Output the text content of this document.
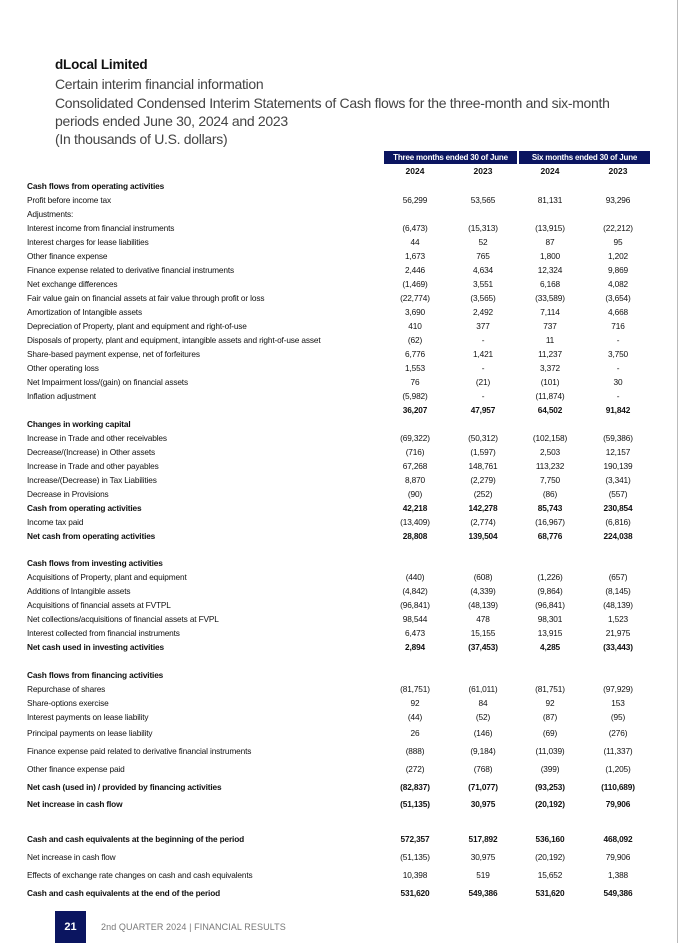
dLocal Limited
Certain interim financial information
Consolidated Condensed Interim Statements of Cash flows for the three-month and six-month
periods ended June 30, 2024 and 2023
(In thousands of U.S. dollars)
Three months ended 30 of June	Six months ended 30 of June
2024	2023	2024	2023
Cash flows from operating activities
Profit before income tax	56,299	53,565	81,131	93,296
Adjustments:
Interest income from financial instruments	(6,473)	(15,313)	(13,915)	(22,212)
Interest charges for lease liabilities	44	52	87	95
Other finance expense	1,673	765	1,800	1,202
Finance expense related to derivative financial instruments	2,446	4,634	12,324	9,869
Net exchange differences	(1,469)	3,551	6,168	4,082
Fair value gain on financial assets at fair value through profit or loss	(22,774)	(3,565)	(33,589)	(3,654)
Amortization of Intangible assets	3,690	2,492	7,114	4,668
Depreciation of Property, plant and equipment and right-of-use	410	377	737	716
Disposals of property, plant and equipment, intangible assets and right-of-use asset	(62)	-	11	-
Share-based payment expense, net of forfeitures	6,776	1,421	11,237	3,750
Other operating loss	1,553	-	3,372	-
Net Impairment loss/(gain) on financial assets	76	(21)	(101)	30
Inflation adjustment	(5,982)	-	(11,874)	-
36,207	47,957	64,502	91,842
Changes in working capital
Increase in Trade and other receivables	(69,322)	(50,312)	(102,158)	(59,386)
Decrease/(Increase) in Other assets	(716)	(1,597)	2,503	12,157
Increase in Trade and other payables	67,268	148,761	113,232	190,139
Increase/(Decrease) in Tax Liabilities	8,870	(2,279)	7,750	(3,341)
Decrease in Provisions	(90)	(252)	(86)	(557)
Cash from operating activities	42,218	142,278	85,743	230,854
Income tax paid	(13,409)	(2,774)	(16,967)	(6,816)
Net cash from operating activities	28,808	139,504	68,776	224,038
Cash flows from investing activities
Acquisitions of Property, plant and equipment	(440)	(608)	(1,226)	(657)
Additions of Intangible assets	(4,842)	(4,339)	(9,864)	(8,145)
Acquisitions of financial assets at FVTPL	(96,841)	(48,139)	(96,841)	(48,139)
Net collections/acquisitions of financial assets at FVPL	98,544	478	98,301	1,523
Interest collected from financial instruments	6,473	15,155	13,915	21,975
Net cash used in investing activities	2,894	(37,453)	4,285	(33,443)
Cash flows from financing activities
Repurchase of shares	(81,751)	(61,011)	(81,751)	(97,929)
Share-options exercise	92	84	92	153
Interest payments on lease liability	(44)	(52)	(87)	(95)
Principal payments on lease liability	26	(146)	(69)	(276)
Finance expense paid related to derivative financial instruments	(888)	(9,184)	(11,039)	(11,337)
Other finance expense paid	(272)	(768)	(399)	(1,205)
Net cash (used in) / provided by financing activities	(82,837)	(71,077)	(93,253)	(110,689)
Net increase in cash flow	(51,135)	30,975	(20,192)	79,906
Cash and cash equivalents at the beginning of the period	572,357	517,892	536,160	468,092
Net increase in cash flow	(51,135)	30,975	(20,192)	79,906
Effects of exchange rate changes on cash and cash equivalents	10,398	519	15,652	1,388
Cash and cash equivalents at the end of the period	531,620	549,386	531,620	549,386
21	2nd QUARTER 2024 | FINANCIAL RESULTS
